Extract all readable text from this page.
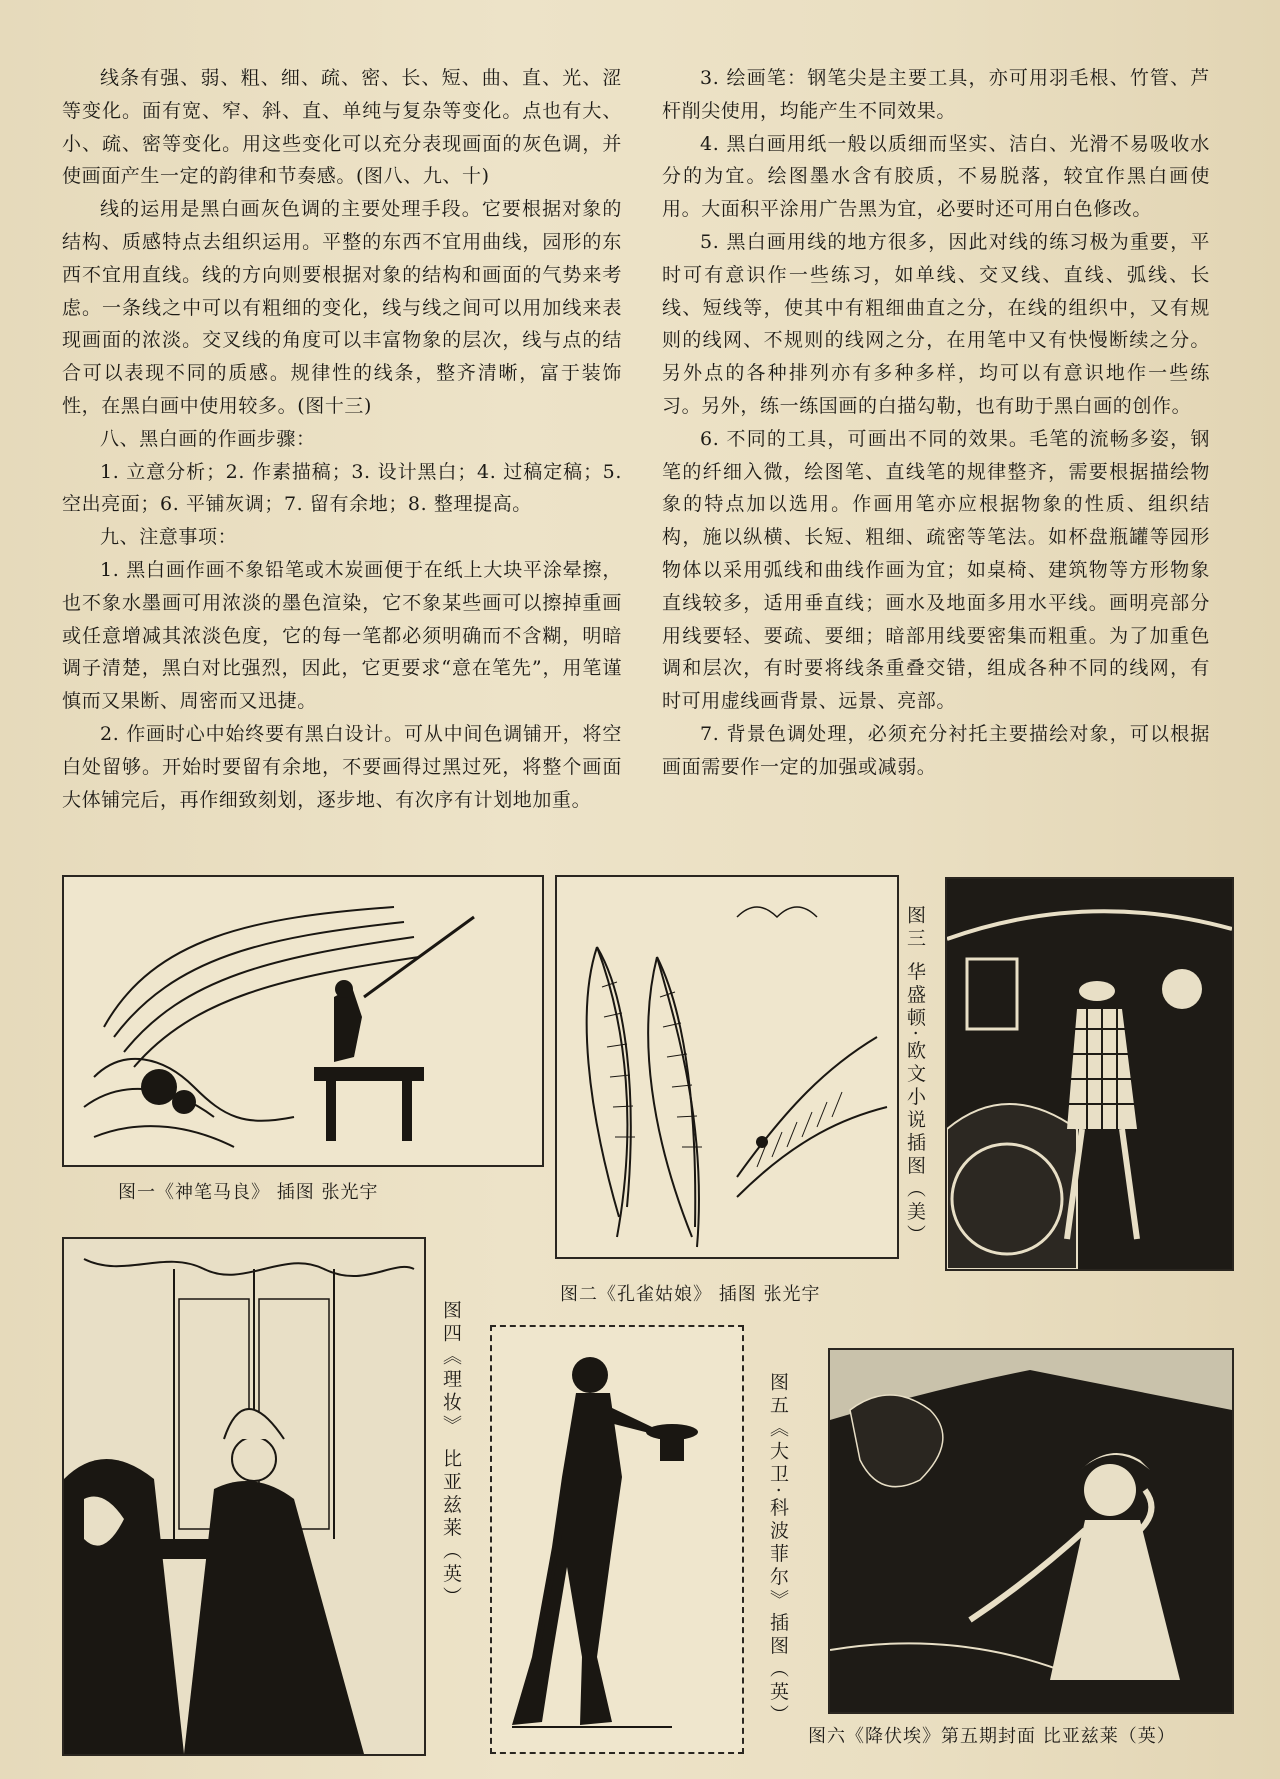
线条有强、弱、粗、细、疏、密、长、短、曲、直、光、涩等变化。面有宽、窄、斜、直、单纯与复杂等变化。点也有大、小、疏、密等变化。用这些变化可以充分表现画面的灰色调，并使画面产生一定的韵律和节奏感。(图八、九、十)

线的运用是黑白画灰色调的主要处理手段。它要根据对象的结构、质感特点去组织运用。平整的东西不宜用曲线，园形的东西不宜用直线。线的方向则要根据对象的结构和画面的气势来考虑。一条线之中可以有粗细的变化，线与线之间可以用加线来表现画面的浓淡。交叉线的角度可以丰富物象的层次，线与点的结合可以表现不同的质感。规律性的线条，整齐清晰，富于装饰性，在黑白画中使用较多。(图十三)

八、黑白画的作画步骤：

1. 立意分析；2. 作素描稿；3. 设计黑白；4. 过稿定稿；5. 空出亮面；6. 平铺灰调；7. 留有余地；8. 整理提高。

九、注意事项：

1. 黑白画作画不象铅笔或木炭画便于在纸上大块平涂晕擦，也不象水墨画可用浓淡的墨色渲染，它不象某些画可以擦掉重画或任意增减其浓淡色度，它的每一笔都必须明确而不含糊，明暗调子清楚，黑白对比强烈，因此，它更要求“意在笔先”，用笔谨慎而又果断、周密而又迅捷。

2. 作画时心中始终要有黑白设计。可从中间色调铺开，将空白处留够。开始时要留有余地，不要画得过黑过死，将整个画面大体铺完后，再作细致刻划，逐步地、有次序有计划地加重。

3. 绘画笔：钢笔尖是主要工具，亦可用羽毛根、竹管、芦杆削尖使用，均能产生不同效果。

4. 黑白画用纸一般以质细而坚实、洁白、光滑不易吸收水分的为宜。绘图墨水含有胶质，不易脱落，较宜作黑白画使用。大面积平涂用广告黑为宜，必要时还可用白色修改。

5. 黑白画用线的地方很多，因此对线的练习极为重要，平时可有意识作一些练习，如单线、交叉线、直线、弧线、长线、短线等，使其中有粗细曲直之分，在线的组织中，又有规则的线网、不规则的线网之分，在用笔中又有快慢断续之分。另外点的各种排列亦有多种多样，均可以有意识地作一些练习。另外，练一练国画的白描勾勒，也有助于黑白画的创作。

6. 不同的工具，可画出不同的效果。毛笔的流畅多姿，钢笔的纤细入微，绘图笔、直线笔的规律整齐，需要根据描绘物象的特点加以选用。作画用笔亦应根据物象的性质、组织结构，施以纵横、长短、粗细、疏密等笔法。如杯盘瓶罐等园形物体以采用弧线和曲线作画为宜；如桌椅、建筑物等方形物象直线较多，适用垂直线；画水及地面多用水平线。画明亮部分用线要轻、要疏、要细；暗部用线要密集而粗重。为了加重色调和层次，有时要将线条重叠交错，组成各种不同的线网，有时可用虚线画背景、远景、亮部。

7. 背景色调处理，必须充分衬托主要描绘对象，可以根据画面需要作一定的加强或减弱。

图一《神笔马良》 插图 张光宇
图二《孔雀姑娘》 插图 张光宇
图三 华盛顿·欧文小说插图（美）
图四《理妆》 比亚兹莱（英）	图五《大卫·科波菲尔》插图（英）
图六《降伏埃》第五期封面 比亚兹莱（英）
